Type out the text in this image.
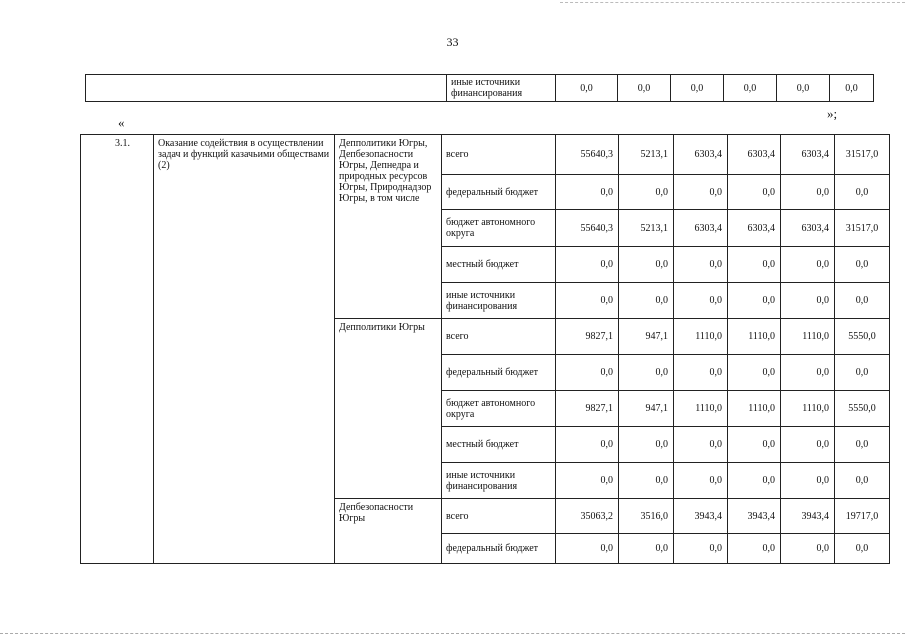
33
	иные источники финансирования	0,0	0,0	0,0	0,0	0,0	0,0
»;
«
3.1.	Оказание содействия в осуществлении задач и функций казачьими обществами (2)	Депполитики Югры, Депбезопасности Югры, Депнедра и природных ресурсов Югры, Природнадзор Югры, в том числе	всего	55640,3	5213,1	6303,4	6303,4	6303,4	31517,0
			федеральный бюджет	0,0	0,0	0,0	0,0	0,0	0,0
			бюджет автономного округа	55640,3	5213,1	6303,4	6303,4	6303,4	31517,0
			местный бюджет	0,0	0,0	0,0	0,0	0,0	0,0
			иные источники финансирования	0,0	0,0	0,0	0,0	0,0	0,0
		Депполитики Югры	всего	9827,1	947,1	1110,0	1110,0	1110,0	5550,0
			федеральный бюджет	0,0	0,0	0,0	0,0	0,0	0,0
			бюджет автономного округа	9827,1	947,1	1110,0	1110,0	1110,0	5550,0
			местный бюджет	0,0	0,0	0,0	0,0	0,0	0,0
			иные источники финансирования	0,0	0,0	0,0	0,0	0,0	0,0
		Депбезопасности Югры	всего	35063,2	3516,0	3943,4	3943,4	3943,4	19717,0
			федеральный бюджет	0,0	0,0	0,0	0,0	0,0	0,0
